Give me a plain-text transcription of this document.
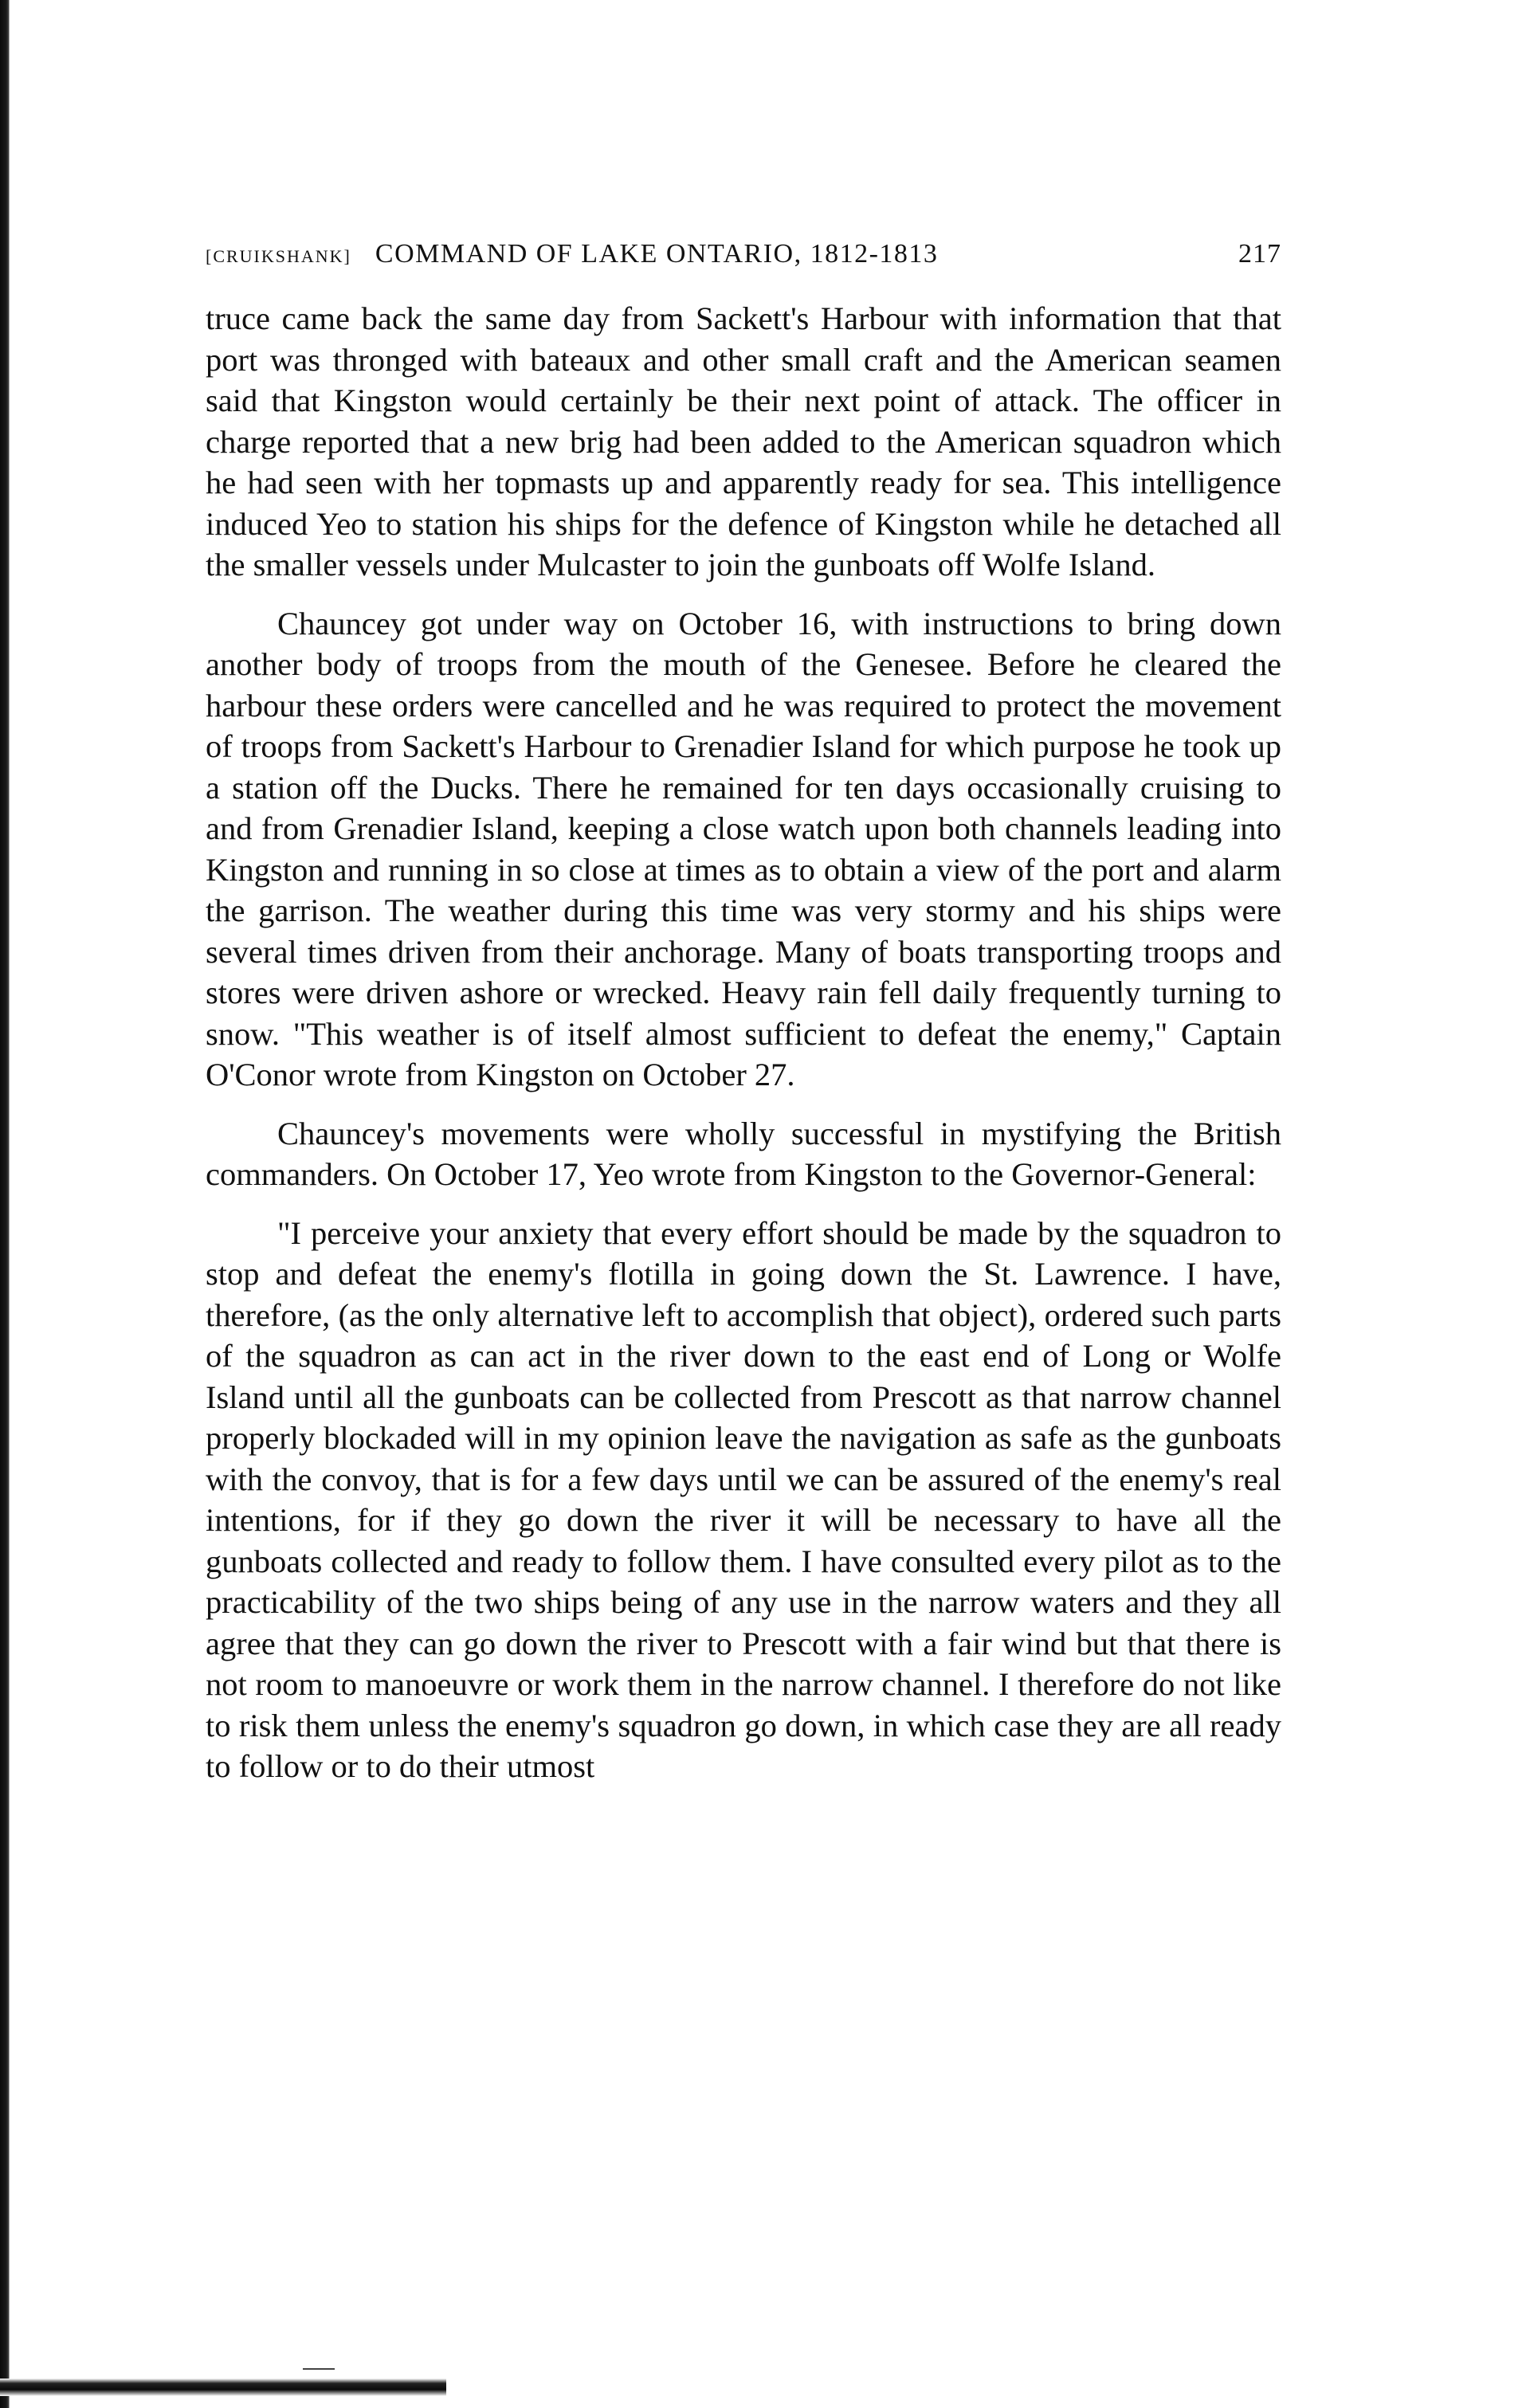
[CRUIKSHANK] COMMAND OF LAKE ONTARIO, 1812-1813	217

truce came back the same day from Sackett's Harbour with information that that port was thronged with bateaux and other small craft and the American seamen said that Kingston would certainly be their next point of attack. The officer in charge reported that a new brig had been added to the American squadron which he had seen with her topmasts up and apparently ready for sea. This intelligence induced Yeo to station his ships for the defence of Kingston while he detached all the smaller vessels under Mulcaster to join the gunboats off Wolfe Island.

Chauncey got under way on October 16, with instructions to bring down another body of troops from the mouth of the Genesee. Before he cleared the harbour these orders were cancelled and he was required to protect the movement of troops from Sackett's Harbour to Grenadier Island for which purpose he took up a station off the Ducks. There he remained for ten days occasionally cruising to and from Grenadier Island, keeping a close watch upon both channels leading into Kingston and running in so close at times as to obtain a view of the port and alarm the garrison. The weather during this time was very stormy and his ships were several times driven from their anchorage. Many of boats transporting troops and stores were driven ashore or wrecked. Heavy rain fell daily frequently turning to snow. "This weather is of itself almost sufficient to defeat the enemy," Captain O'Conor wrote from Kingston on October 27.

Chauncey's movements were wholly successful in mystifying the British commanders. On October 17, Yeo wrote from Kingston to the Governor-General:

"I perceive your anxiety that every effort should be made by the squadron to stop and defeat the enemy's flotilla in going down the St. Lawrence. I have, therefore, (as the only alternative left to accomplish that object), ordered such parts of the squadron as can act in the river down to the east end of Long or Wolfe Island until all the gunboats can be collected from Prescott as that narrow channel properly blockaded will in my opinion leave the navigation as safe as the gunboats with the convoy, that is for a few days until we can be assured of the enemy's real intentions, for if they go down the river it will be necessary to have all the gunboats collected and ready to follow them. I have consulted every pilot as to the practicability of the two ships being of any use in the narrow waters and they all agree that they can go down the river to Prescott with a fair wind but that there is not room to manoeuvre or work them in the narrow channel. I therefore do not like to risk them unless the enemy's squadron go down, in which case they are all ready to follow or to do their utmost
